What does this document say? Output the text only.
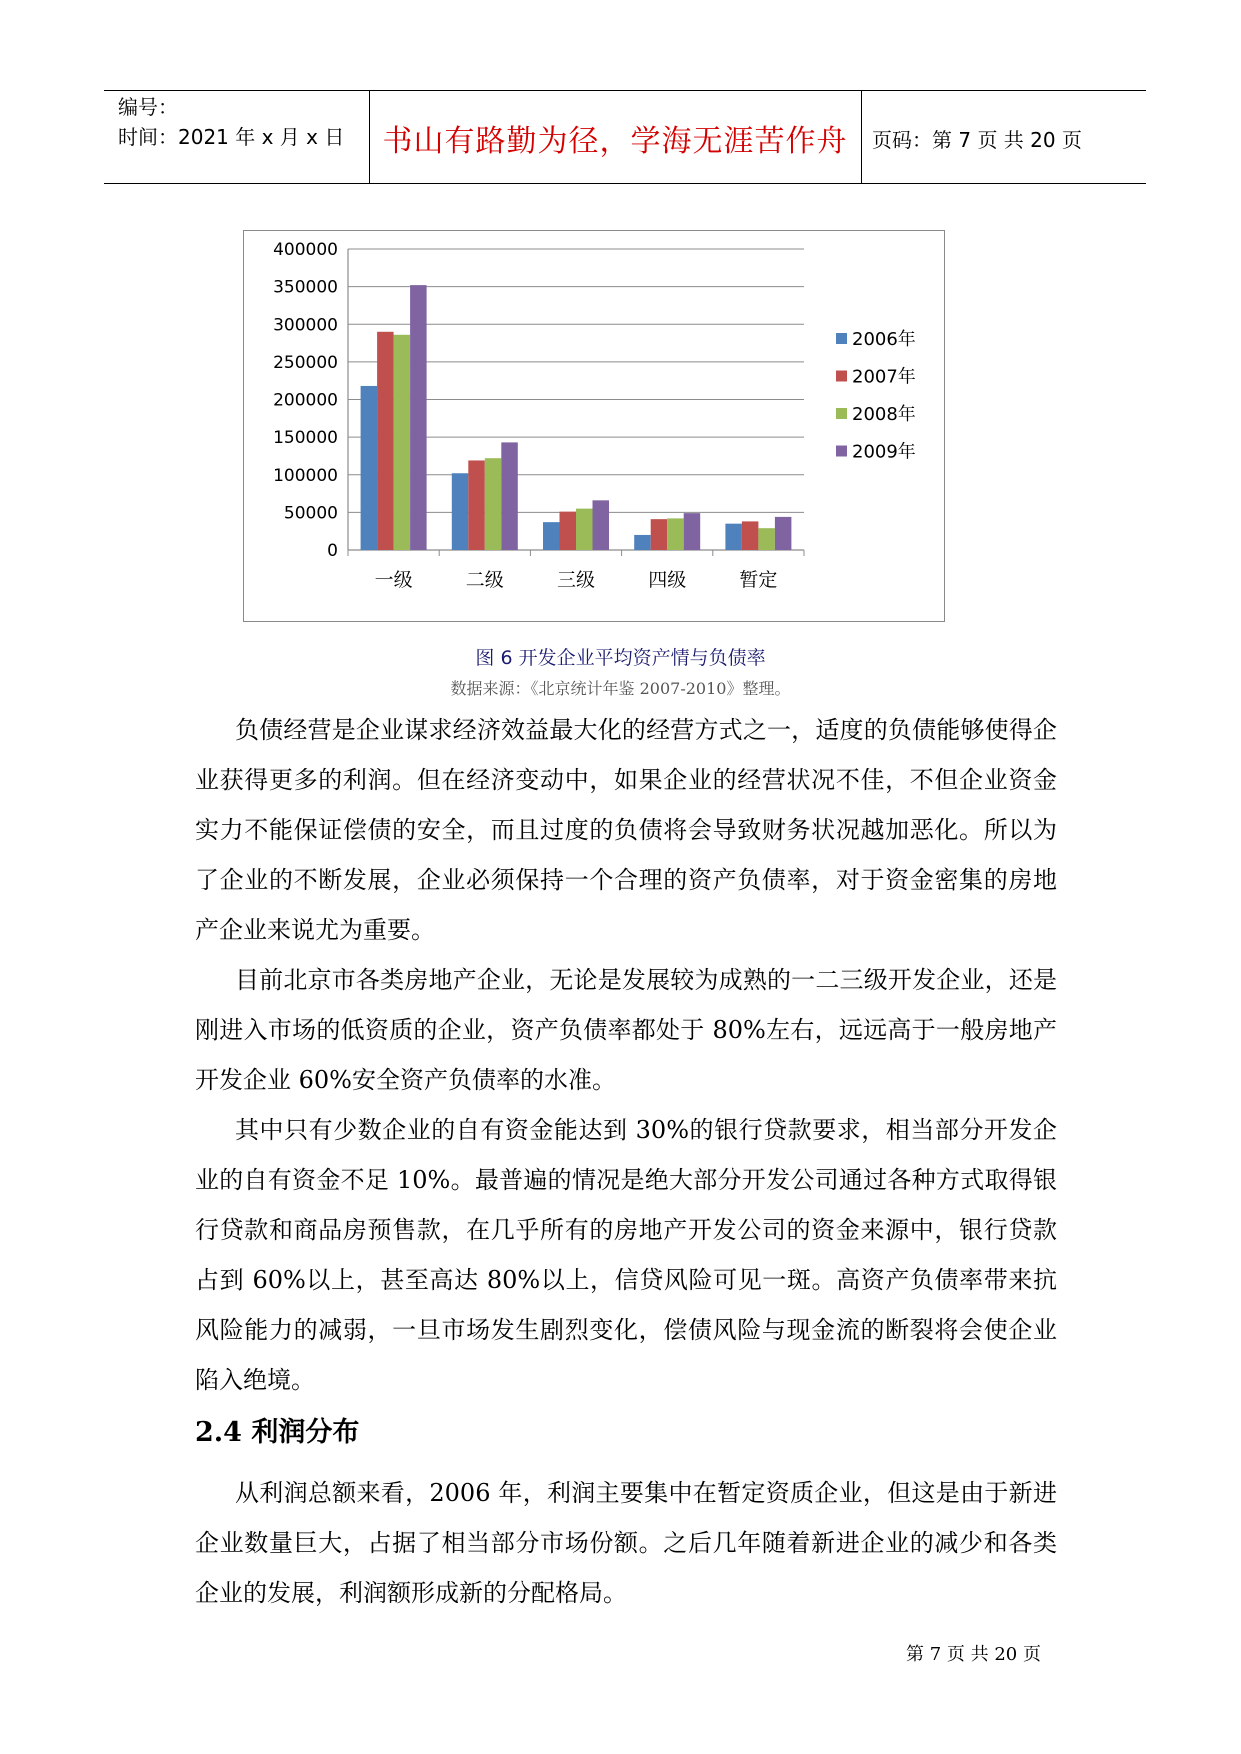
编号：
时间：2021 年 x 月 x 日	书山有路勤为径，学海无涯苦作舟	页码：第 7 页 共 20 页
0
50000
100000
150000
200000
250000
300000
350000
400000
一级	二级	三级	四级	暂定
2006年
2007年
2008年
2009年
图 6 开发企业平均资产情与负债率
数据来源：《北京统计年鉴 2007-2010》整理。

负债经营是企业谋求经济效益最大化的经营方式之一，适度的负债能够使得企业获得更多的利润。但在经济变动中，如果企业的经营状况不佳，不但企业资金实力不能保证偿债的安全，而且过度的负债将会导致财务状况越加恶化。所以为了企业的不断发展，企业必须保持一个合理的资产负债率，对于资金密集的房地产企业来说尤为重要。

目前北京市各类房地产企业，无论是发展较为成熟的一二三级开发企业，还是刚进入市场的低资质的企业，资产负债率都处于 80%左右，远远高于一般房地产开发企业 60%安全资产负债率的水准。

其中只有少数企业的自有资金能达到 30%的银行贷款要求，相当部分开发企业的自有资金不足 10%。最普遍的情况是绝大部分开发公司通过各种方式取得银行贷款和商品房预售款，在几乎所有的房地产开发公司的资金来源中，银行贷款占到 60%以上，甚至高达 80%以上，信贷风险可见一斑。高资产负债率带来抗风险能力的减弱，一旦市场发生剧烈变化，偿债风险与现金流的断裂将会使企业陷入绝境。

2.4 利润分布

从利润总额来看，2006 年，利润主要集中在暂定资质企业，但这是由于新进企业数量巨大，占据了相当部分市场份额。之后几年随着新进企业的减少和各类企业的发展，利润额形成新的分配格局。

第 7 页 共 20 页
